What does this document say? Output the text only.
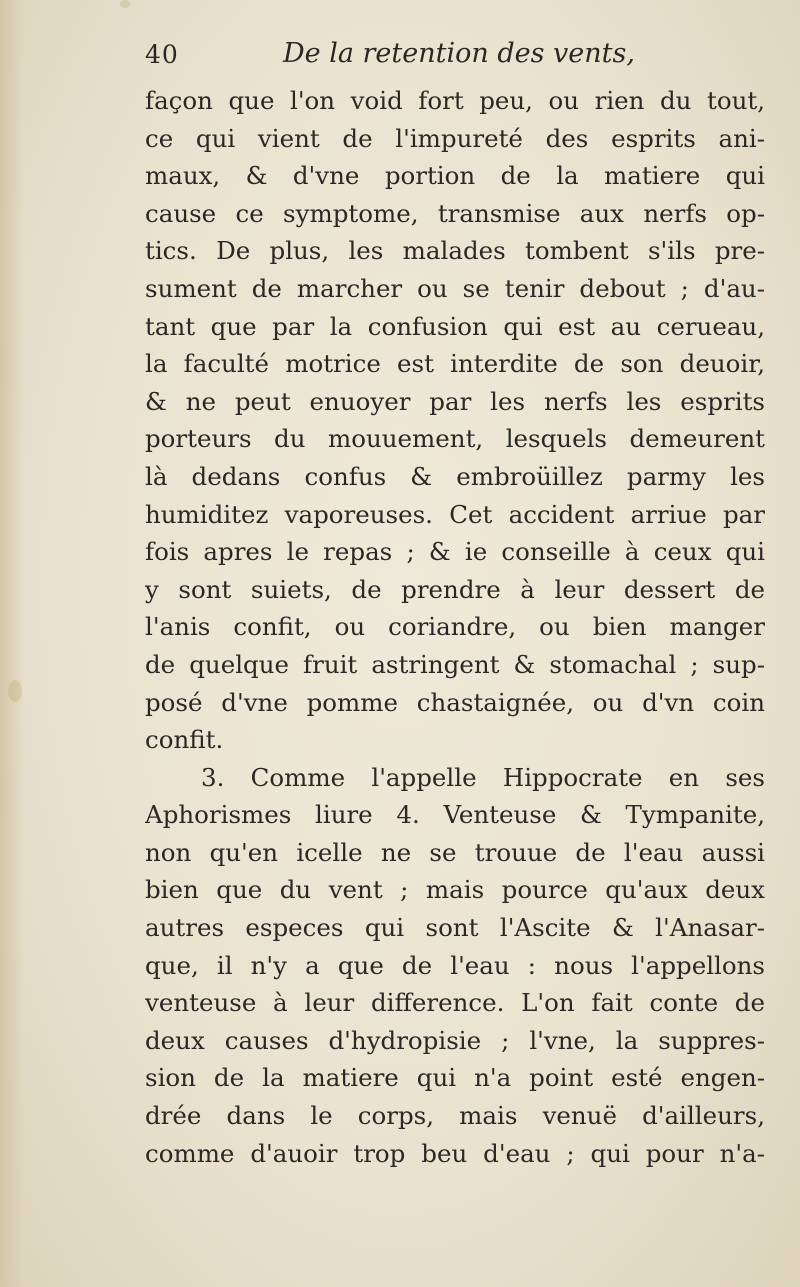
40	De la retention des vents,
façon que l'on void fort peu, ou rien du tout,
ce qui vient de l'impureté des esprits ani-
maux, & d'vne portion de la matiere qui
cause ce symptome, transmise aux nerfs op-
tics. De plus, les malades tombent s'ils pre-
sument de marcher ou se tenir debout ; d'au-
tant que par la confusion qui est au cerueau,
la faculté motrice est interdite de son deuoir,
& ne peut enuoyer par les nerfs les esprits
porteurs du mouuement, lesquels demeurent
là dedans confus & embroüillez parmy les
humiditez vaporeuses. Cet accident arriue par
fois apres le repas ; & ie conseille à ceux qui
y sont suiets, de prendre à leur dessert de
l'anis confit, ou coriandre, ou bien manger
de quelque fruit astringent & stomachal ; sup-
posé d'vne pomme chastaignée, ou d'vn coin
confit.
3. Comme l'appelle Hippocrate en ses
Aphorismes liure 4. Venteuse & Tympanite,
non qu'en icelle ne se trouue de l'eau aussi
bien que du vent ; mais pource qu'aux deux
autres especes qui sont l'Ascite & l'Anasar-
que, il n'y a que de l'eau : nous l'appellons
venteuse à leur difference. L'on fait conte de
deux causes d'hydropisie ; l'vne, la suppres-
sion de la matiere qui n'a point esté engen-
drée dans le corps, mais venuë d'ailleurs,
comme d'auoir trop beu d'eau ; qui pour n'a-
